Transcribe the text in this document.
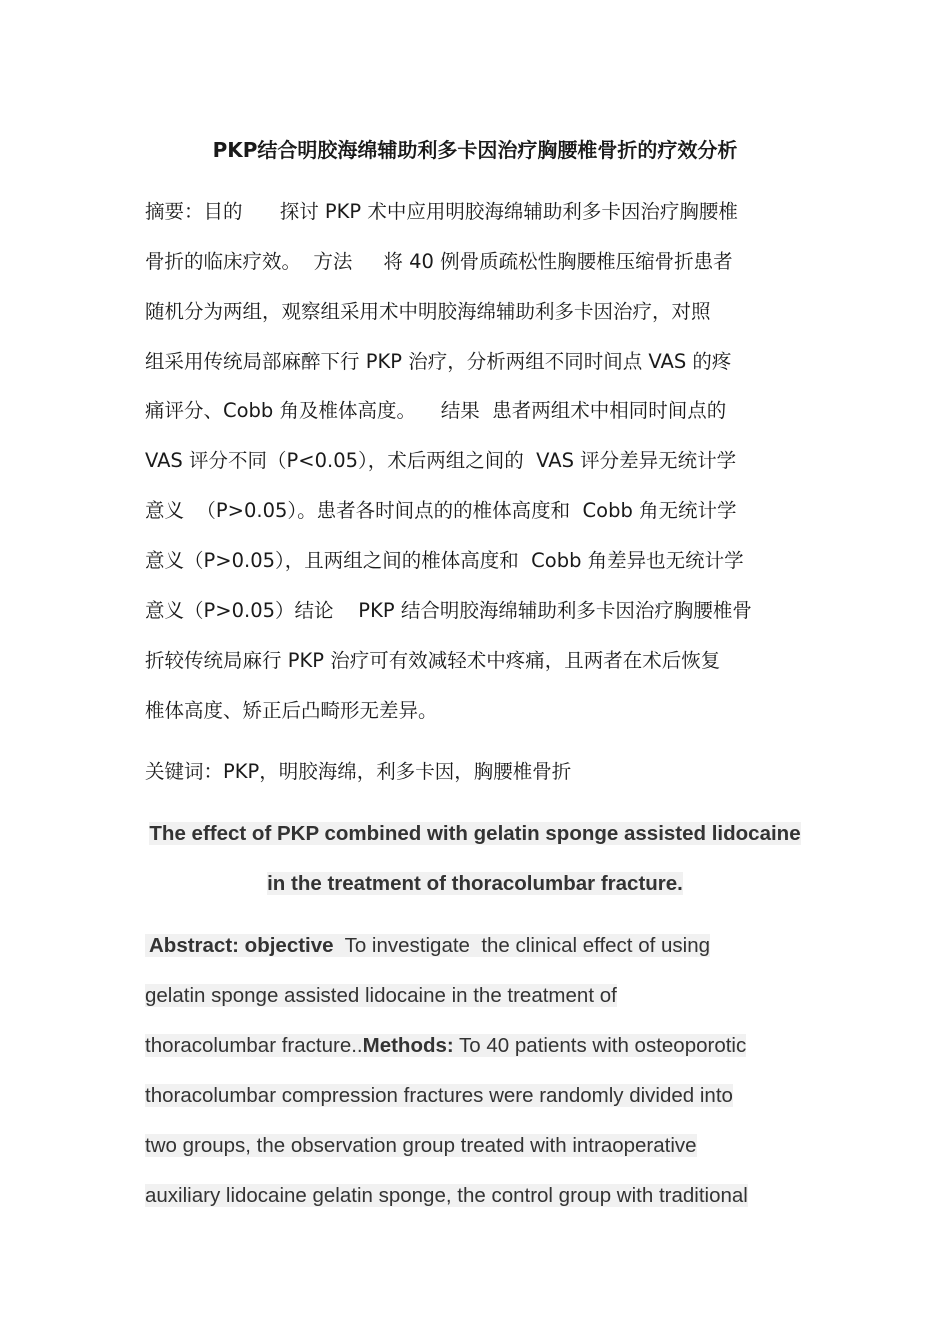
PKP结合明胶海绵辅助利多卡因治疗胸腰椎骨折的疗效分析
摘要：目的      探讨 PKP 术中应用明胶海绵辅助利多卡因治疗胸腰椎
骨折的临床疗效。  方法     将 40 例骨质疏松性胸腰椎压缩骨折患者
随机分为两组，观察组采用术中明胶海绵辅助利多卡因治疗，对照
组采用传统局部麻醉下行 PKP 治疗，分析两组不同时间点 VAS 的疼
痛评分、Cobb 角及椎体高度。    结果  患者两组术中相同时间点的
VAS 评分不同（P<0.05），术后两组之间的  VAS 评分差异无统计学
意义  （P>0.05）。患者各时间点的的椎体高度和  Cobb 角无统计学
意义（P>0.05），且两组之间的椎体高度和  Cobb 角差异也无统计学
意义（P>0.05）结论    PKP 结合明胶海绵辅助利多卡因治疗胸腰椎骨
折较传统局麻行 PKP 治疗可有效减轻术中疼痛，且两者在术后恢复
椎体高度、矫正后凸畸形无差异。
关键词：PKP，明胶海绵，利多卡因，胸腰椎骨折
The effect of PKP combined with gelatin sponge assisted lidocaine
in the treatment of thoracolumbar fracture.
Abstract: objective  To investigate  the clinical effect of using
gelatin sponge assisted lidocaine in the treatment of
thoracolumbar fracture..Methods: To 40 patients with osteoporotic
thoracolumbar compression fractures were randomly divided into
two groups, the observation group treated with intraoperative
auxiliary lidocaine gelatin sponge, the control group with traditional
